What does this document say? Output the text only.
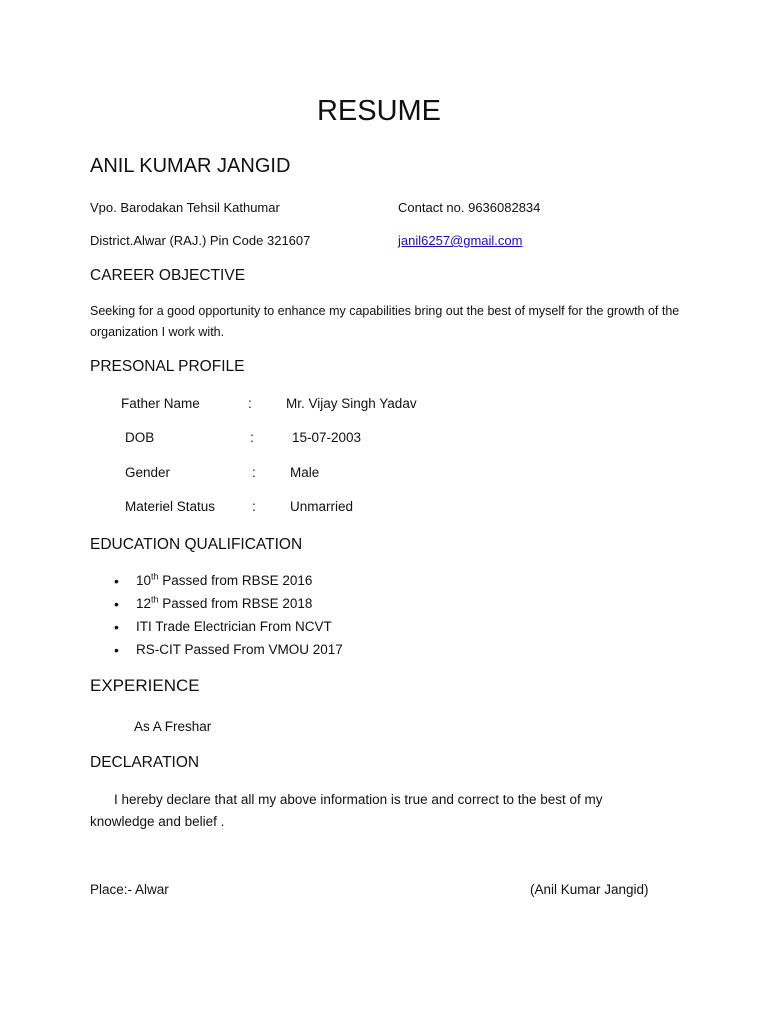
RESUME
ANIL KUMAR JANGID
Vpo. Barodakan Tehsil Kathumar	Contact no. 9636082834
District.Alwar (RAJ.) Pin Code 321607	janil6257@gmail.com
CAREER OBJECTIVE
Seeking for a good opportunity to enhance my capabilities bring out the best of myself for the growth of the organization I work with.
PRESONAL PROFILE
Father Name	:	Mr. Vijay Singh Yadav
DOB	:	15-07-2003
Gender	:	Male
Materiel Status	:	Unmarried
EDUCATION QUALIFICATION
• 10th Passed from RBSE 2016
• 12th Passed from RBSE 2018
• ITI Trade Electrician From NCVT
• RS-CIT Passed From VMOU 2017
EXPERIENCE
As A Freshar
DECLARATION
I hereby declare that all my above information is true and correct to the best of my knowledge and belief .
Place:- Alwar	(Anil Kumar Jangid)
